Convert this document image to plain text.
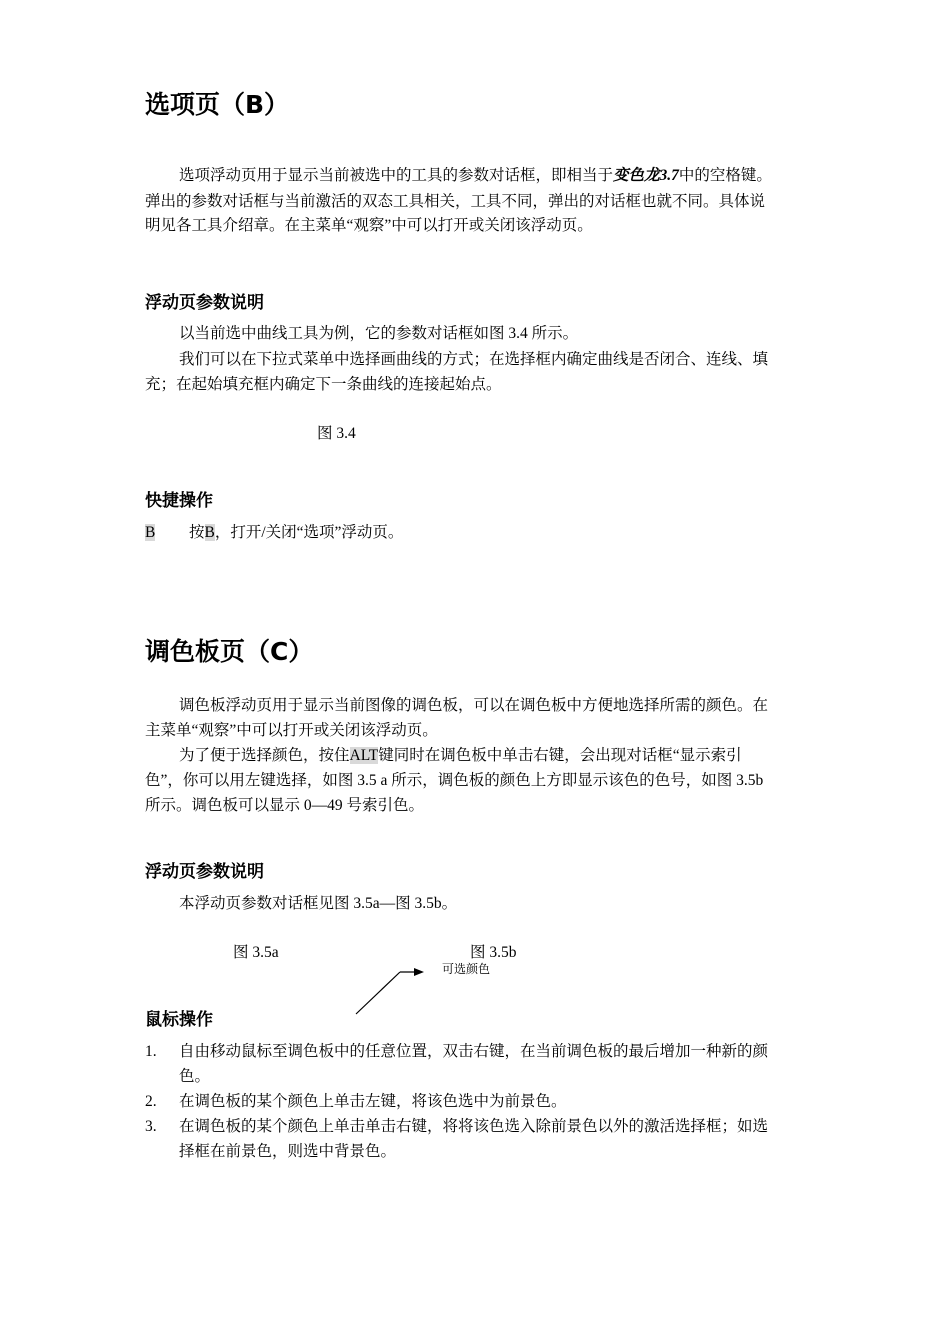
选项页（B）
选项浮动页用于显示当前被选中的工具的参数对话框，即相当于变色龙3.7中的空格键。
弹出的参数对话框与当前激活的双态工具相关，工具不同，弹出的对话框也就不同。具体说
明见各工具介绍章。在主菜单“观察”中可以打开或关闭该浮动页。
浮动页参数说明
以当前选中曲线工具为例，它的参数对话框如图 3.4 所示。
我们可以在下拉式菜单中选择画曲线的方式；在选择框内确定曲线是否闭合、连线、填
充；在起始填充框内确定下一条曲线的连接起始点。
图 3.4
快捷操作
B 按B，打开/关闭“选项”浮动页。
调色板页（C）
调色板浮动页用于显示当前图像的调色板，可以在调色板中方便地选择所需的颜色。在
主菜单“观察”中可以打开或关闭该浮动页。
为了便于选择颜色，按住ALT键同时在调色板中单击右键，会出现对话框“显示索引
色”，你可以用左键选择，如图 3.5 a 所示，调色板的颜色上方即显示该色的色号，如图 3.5b
所示。调色板可以显示 0—49 号索引色。
浮动页参数说明
本浮动页参数对话框见图 3.5a—图 3.5b。
图 3.5a	图 3.5b
可选颜色
鼠标操作
1. 自由移动鼠标至调色板中的任意位置，双击右键，在当前调色板的最后增加一种新的颜
色。
2. 在调色板的某个颜色上单击左键，将该色选中为前景色。
3. 在调色板的某个颜色上单击单击右键，将将该色选入除前景色以外的激活选择框；如选
择框在前景色，则选中背景色。
